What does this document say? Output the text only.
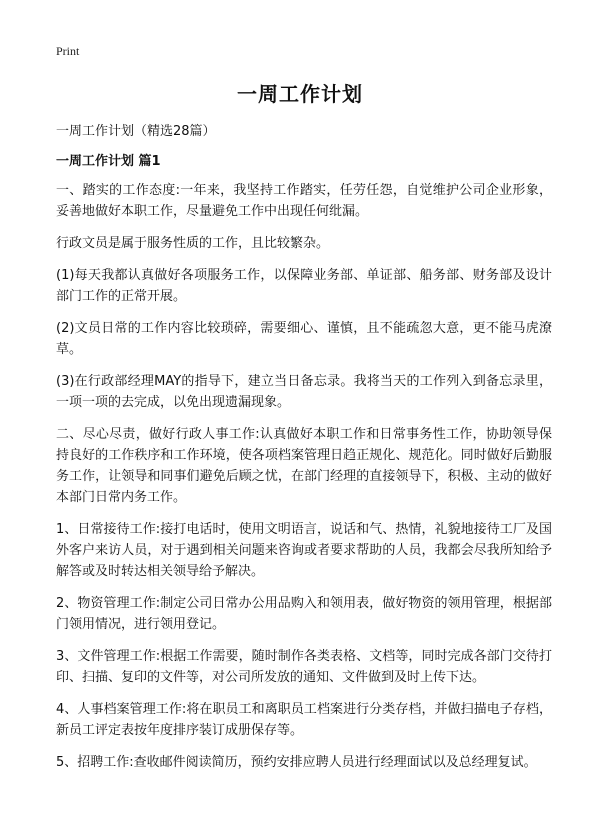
Print
一周工作计划
一周工作计划（精选28篇）
一周工作计划 篇1

一、踏实的工作态度:一年来，我坚持工作踏实，任劳任怨，自觉维护公司企业形象，妥善地做好本职工作，尽量避免工作中出现任何纰漏。

行政文员是属于服务性质的工作，且比较繁杂。

(1)每天我都认真做好各项服务工作，以保障业务部、单证部、船务部、财务部及设计部门工作的正常开展。

(2)文员日常的工作内容比较琐碎，需要细心、谨慎，且不能疏忽大意，更不能马虎潦草。

(3)在行政部经理MAY的指导下，建立当日备忘录。我将当天的工作列入到备忘录里，一项一项的去完成，以免出现遗漏现象。

二、尽心尽责，做好行政人事工作:认真做好本职工作和日常事务性工作，协助领导保持良好的工作秩序和工作环境，使各项档案管理日趋正规化、规范化。同时做好后勤服务工作，让领导和同事们避免后顾之忧，在部门经理的直接领导下，积极、主动的做好本部门日常内务工作。

1、日常接待工作:接打电话时，使用文明语言，说话和气、热情，礼貌地接待工厂及国外客户来访人员，对于遇到相关问题来咨询或者要求帮助的人员，我都会尽我所知给予解答或及时转达相关领导给予解决。

2、物资管理工作:制定公司日常办公用品购入和领用表，做好物资的领用管理，根据部门领用情况，进行领用登记。

3、文件管理工作:根据工作需要，随时制作各类表格、文档等，同时完成各部门交待打印、扫描、复印的文件等，对公司所发放的通知、文件做到及时上传下达。

4、人事档案管理工作:将在职员工和离职员工档案进行分类存档，并做扫描电子存档，新员工评定表按年度排序装订成册保存等。

5、招聘工作:查收邮件阅读简历，预约安排应聘人员进行经理面试以及总经理复试。
